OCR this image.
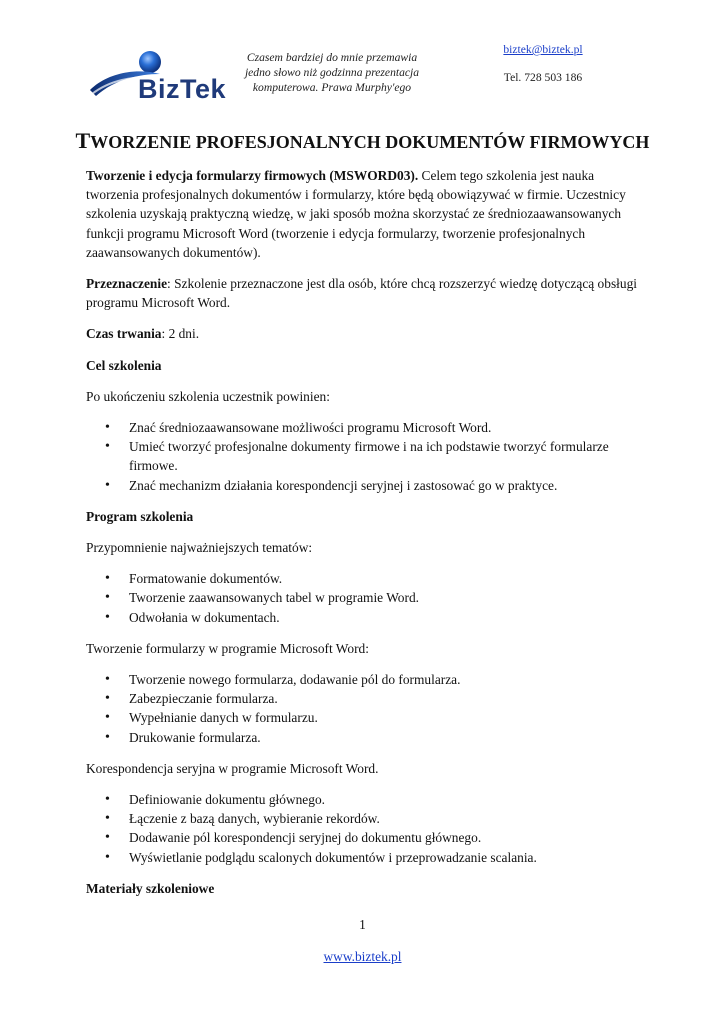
BizTek
Czasem bardziej do mnie przemawia
jedno słowo niż godzinna prezentacja
komputerowa. Prawa Murphy'ego
biztek@biztek.pl
Tel. 728 503 186
TWORZENIE PROFESJONALNYCH DOKUMENTÓW FIRMOWYCH

Tworzenie i edycja formularzy firmowych (MSWORD03). Celem tego szkolenia jest nauka tworzenia profesjonalnych dokumentów i formularzy, które będą obowiązywać w firmie. Uczestnicy szkolenia uzyskają praktyczną wiedzę, w jaki sposób można skorzystać ze średniozaawansowanych funkcji programu Microsoft Word (tworzenie i edycja formularzy, tworzenie profesjonalnych zaawansowanych dokumentów).

Przeznaczenie: Szkolenie przeznaczone jest dla osób, które chcą rozszerzyć wiedzę dotyczącą obsługi programu Microsoft Word.

Czas trwania: 2 dni.

Cel szkolenia

Po ukończeniu szkolenia uczestnik powinien:

• Znać średniozaawansowane możliwości programu Microsoft Word.
• Umieć tworzyć profesjonalne dokumenty firmowe i na ich podstawie tworzyć formularze firmowe.
• Znać mechanizm działania korespondencji seryjnej i zastosować go w praktyce.
Program szkolenia

Przypomnienie najważniejszych tematów:

• Formatowanie dokumentów.
• Tworzenie zaawansowanych tabel w programie Word.
• Odwołania w dokumentach.

Tworzenie formularzy w programie Microsoft Word:

• Tworzenie nowego formularza, dodawanie pól do formularza.
• Zabezpieczanie formularza.
• Wypełnianie danych w formularzu.
• Drukowanie formularza.

Korespondencja seryjna w programie Microsoft Word.

• Definiowanie dokumentu głównego.
• Łączenie z bazą danych, wybieranie rekordów.
• Dodawanie pól korespondencji seryjnej do dokumentu głównego.
• Wyświetlanie podglądu scalonych dokumentów i przeprowadzanie scalania.
Materiały szkoleniowe
1
www.biztek.pl
